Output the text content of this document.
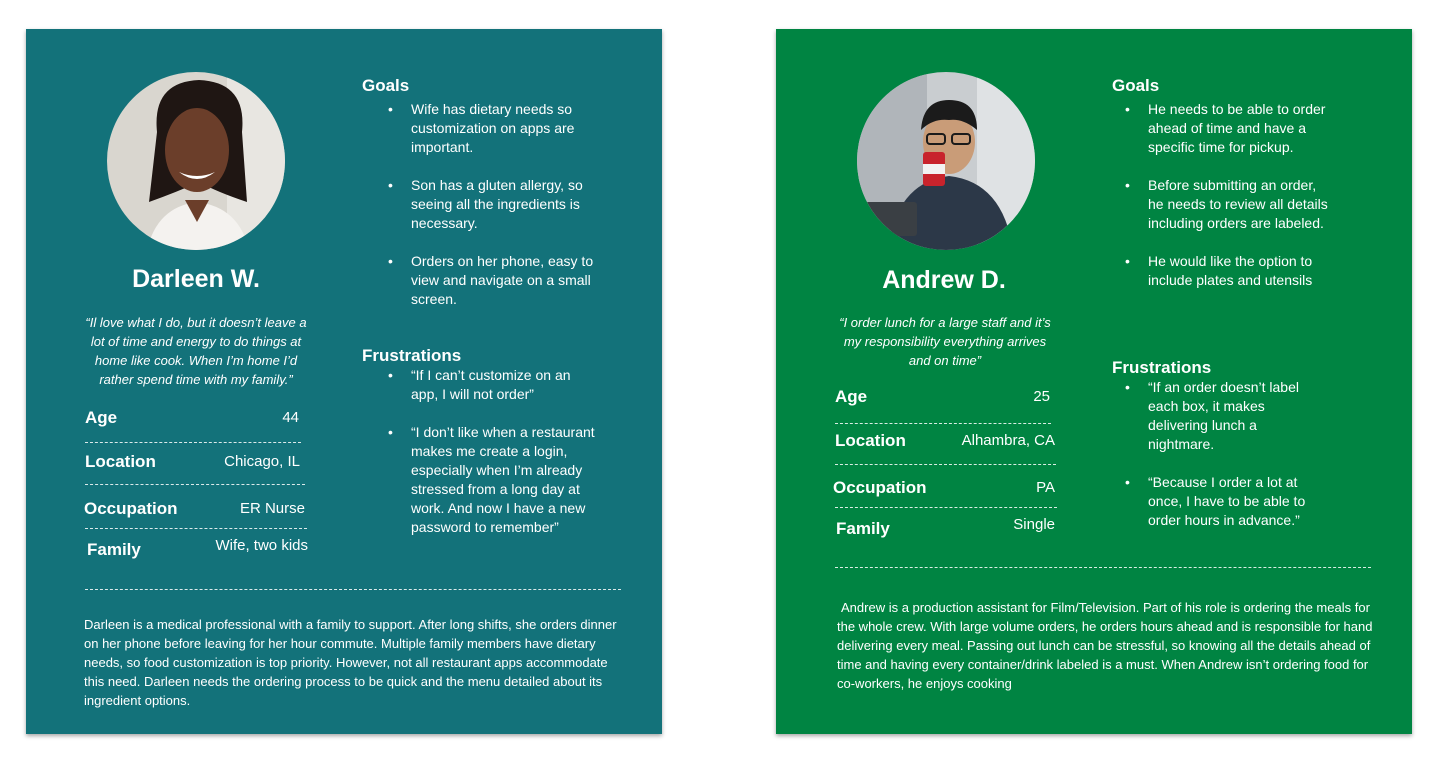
Darleen W.
“Il love what I do, but it doesn’t leave a lot of time and energy to do things at home like cook. When I’m home I’d rather spend time with my family.”
Age	44
Location	Chicago, IL
Occupation	ER Nurse
Family	Wife, two kids
Goals
• Wife has dietary needs so customization on apps are important.
• Son has a gluten allergy, so seeing all the ingredients is necessary.
• Orders on her phone, easy to view and navigate on a small screen.
Frustrations
• “If I can’t customize on an app, I will not order”
• “I don’t like when a restaurant makes me create a login, especially when I’m already stressed from a long day at work. And now I have a new password to remember”
Darleen is a medical professional with a family to support. After long shifts, she orders dinner on her phone before leaving for her hour commute. Multiple family members have dietary needs, so food customization is top priority. However, not all restaurant apps accommodate this need. Darleen needs the ordering process to be quick and the menu detailed about its ingredient options.
Andrew D.
“I order lunch for a large staff and it’s my responsibility everything arrives and on time”
Age	25
Location	Alhambra, CA
Occupation	PA
Family	Single
Goals
• He needs to be able to order ahead of time and have a specific time for pickup.
• Before submitting an order, he needs to review all details including orders are labeled.
• He would like the option to include plates and utensils
Frustrations
• “If an order doesn’t label each box, it makes delivering lunch a nightmare.
• “Because I order a lot at once, I have to be able to order hours in advance.”
Andrew is a production assistant for Film/Television. Part of his role is ordering the meals for the whole crew. With large volume orders, he orders hours ahead and is responsible for hand delivering every meal. Passing out lunch can be stressful, so knowing all the details ahead of time and having every container/drink labeled is a must. When Andrew isn’t ordering food for co-workers, he enjoys cooking
